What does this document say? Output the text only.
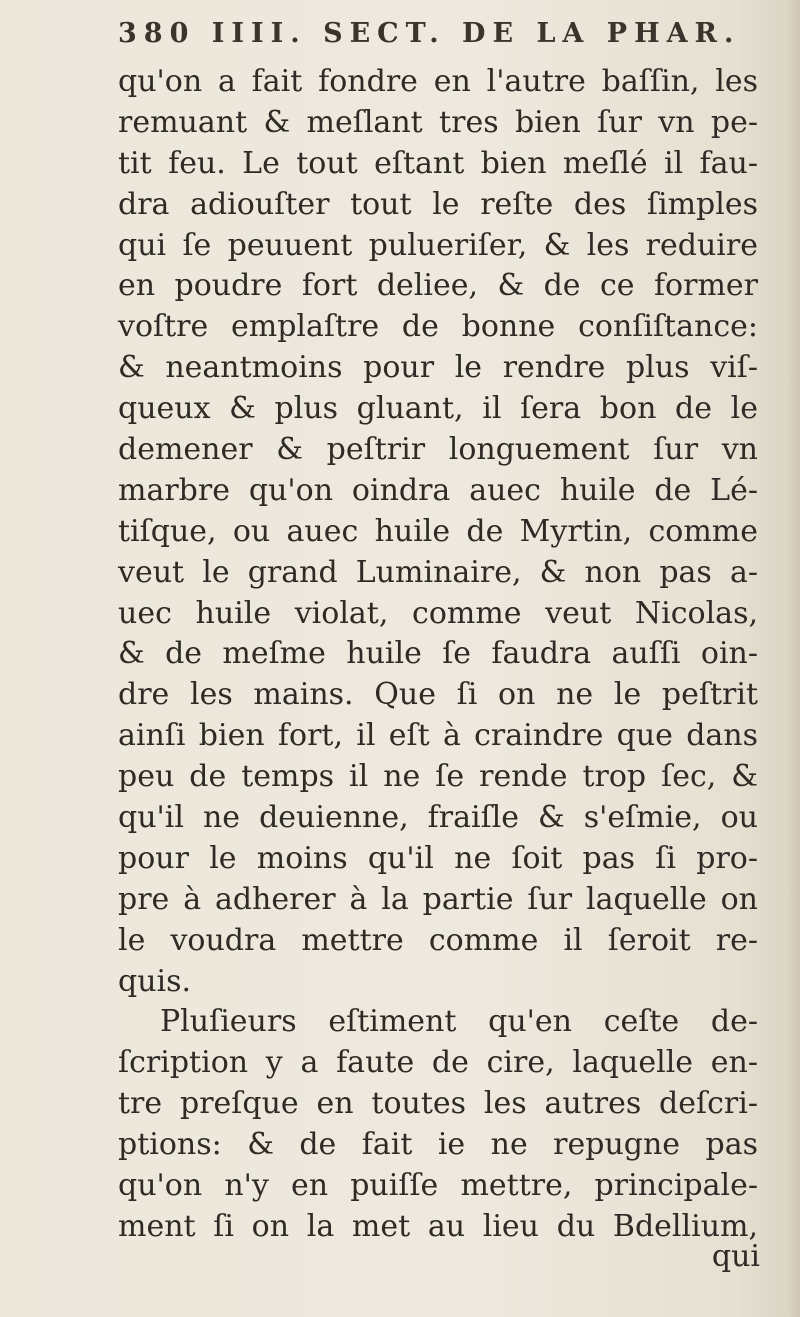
380 IIII. SECT. DE LA PHAR.
qu'on a fait fondre en l'autre baſſin, les
remuant & meſlant tres bien ſur vn pe-
tit feu. Le tout eſtant bien meſlé il fau-
dra adiouſter tout le reſte des ſimples
qui ſe peuuent pulueriſer, & les reduire
en poudre fort deliee, & de ce former
voſtre emplaſtre de bonne conſiſtance:
& neantmoins pour le rendre plus viſ-
queux & plus gluant, il ſera bon de le
demener & peſtrir longuement ſur vn
marbre qu'on oindra auec huile de Lé-
tiſque, ou auec huile de Myrtin, comme
veut le grand Luminaire, & non pas a-
uec huile violat, comme veut Nicolas,
& de meſme huile ſe faudra auſſi oin-
dre les mains. Que ſi on ne le peſtrit
ainſi bien fort, il eſt à craindre que dans
peu de temps il ne ſe rende trop ſec, &
qu'il ne deuienne, fraiſle & s'eſmie, ou
pour le moins qu'il ne ſoit pas ſi pro-
pre à adherer à la partie ſur laquelle on
le voudra mettre comme il ſeroit re-
quis.
Pluſieurs eſtiment qu'en ceſte de-
ſcription y a faute de cire, laquelle en-
tre preſque en toutes les autres deſcri-
ptions: & de fait ie ne repugne pas
qu'on n'y en puiſſe mettre, principale-
ment ſi on la met au lieu du Bdellium,
qui
